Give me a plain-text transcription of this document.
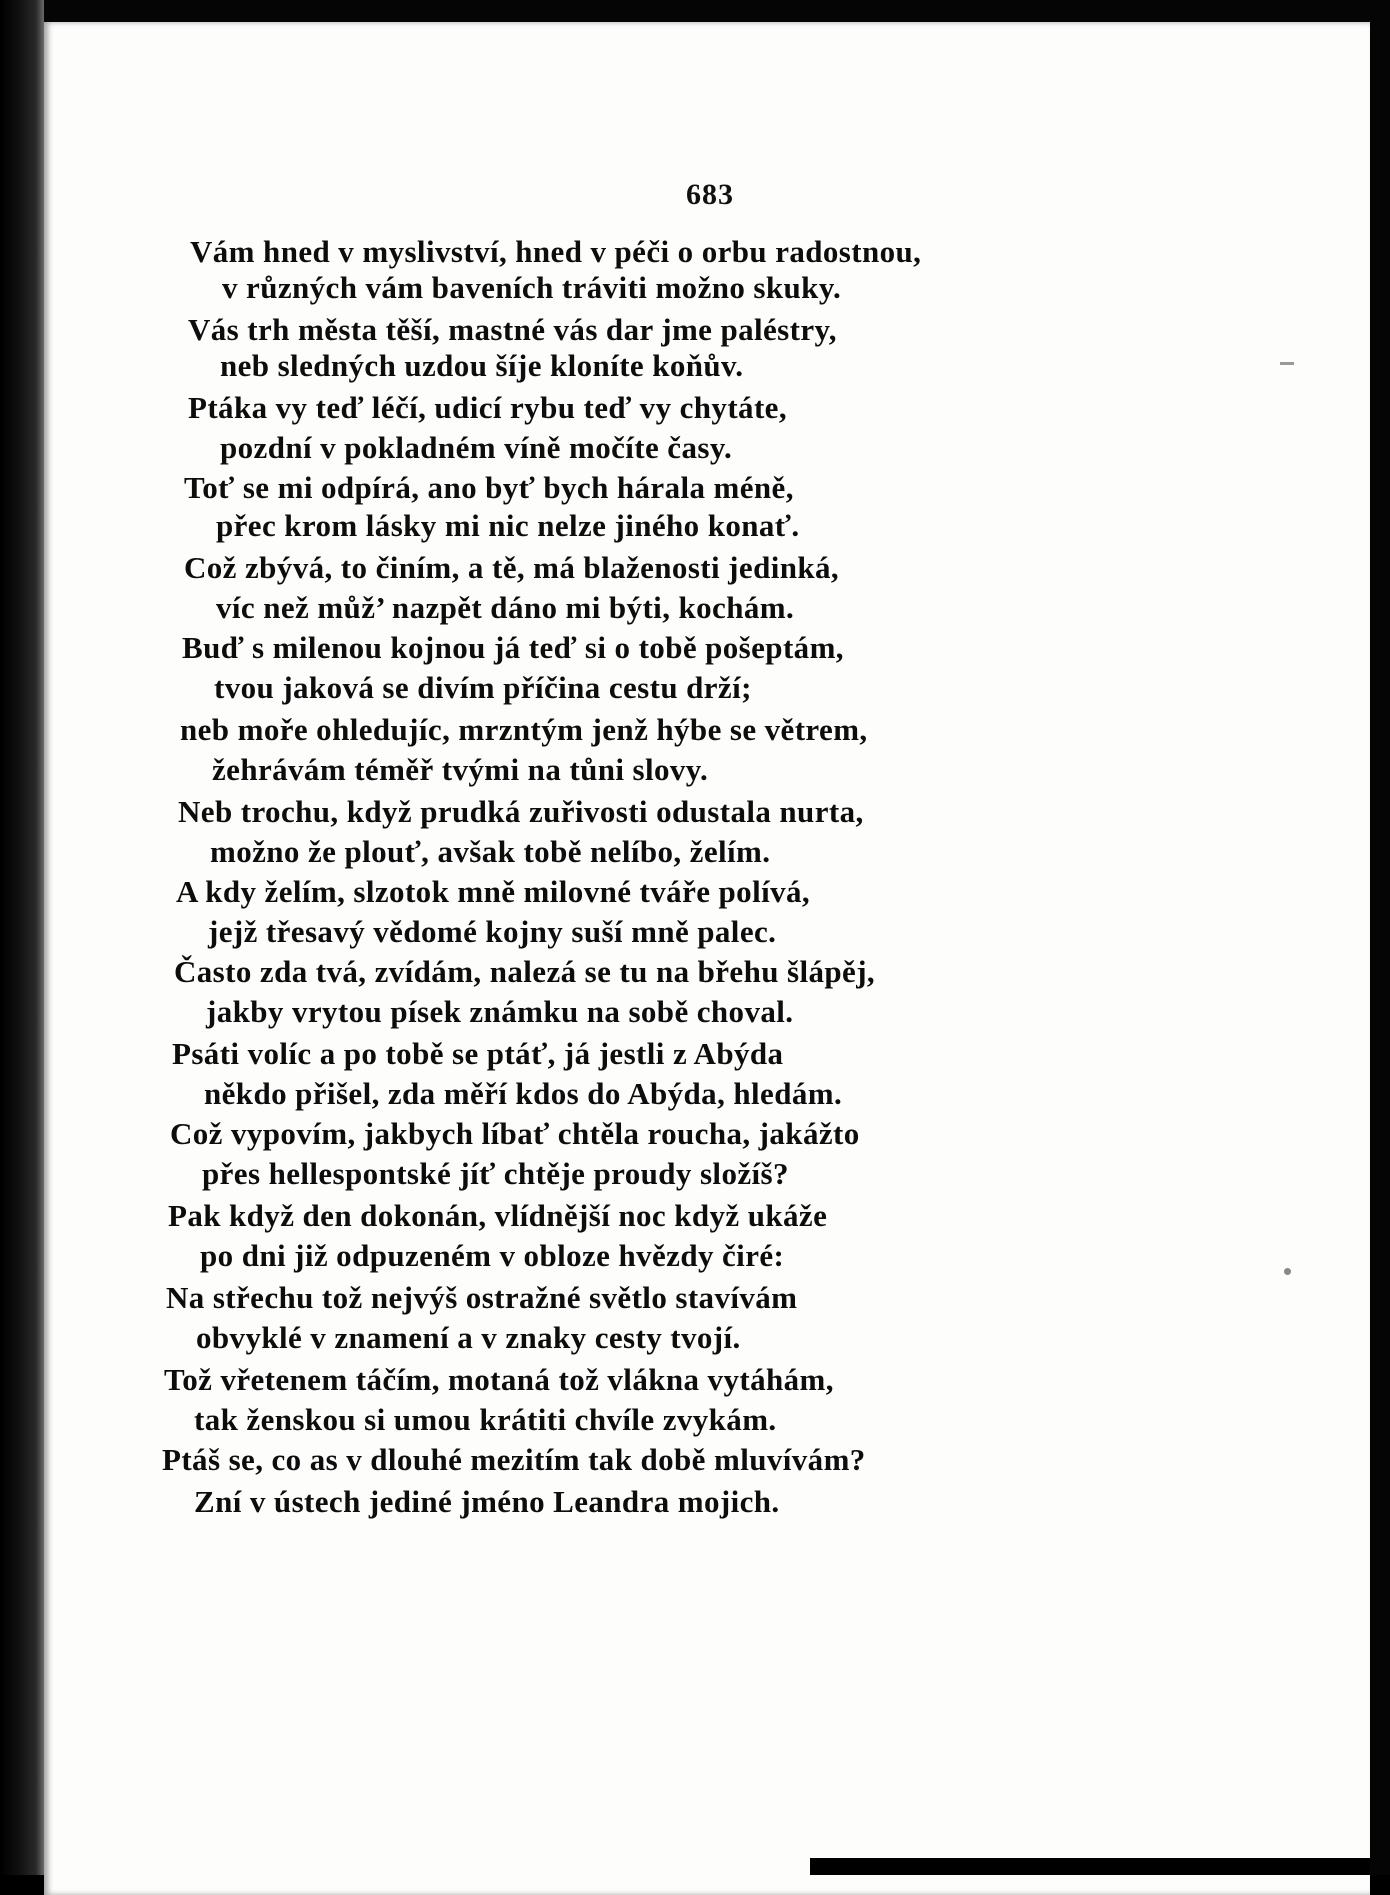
683
Vám hned v myslivství, hned v péči o orbu radostnou,
v různých vám baveních tráviti možno skuky.
Vás trh města těší, mastné vás dar jme paléstry,
neb sledných uzdou šíje kloníte koňův.
Ptáka vy teď léčí, udicí rybu teď vy chytáte,
pozdní v pokladném víně močíte časy.
Toť se mi odpírá, ano byť bych hárala méně,
přec krom lásky mi nic nelze jiného konať.
Což zbývá, to činím, a tě, má blaženosti jedinká,
víc než můž’ nazpět dáno mi býti, kochám.
Buď s milenou kojnou já teď si o tobě pošeptám,
tvou jaková se divím příčina cestu drží;
neb moře ohledujíc, mrzntým jenž hýbe se větrem,
žehrávám téměř tvými na tůni slovy.
Neb trochu, když prudká zuřivosti odustala nurta,
možno že plouť, avšak tobě nelíbo, želím.
A kdy želím, slzotok mně milovné tváře polívá,
jejž třesavý vědomé kojny suší mně palec.
Často zda tvá, zvídám, nalezá se tu na břehu šlápěj,
jakby vrytou písek známku na sobě choval.
Psáti volíc a po tobě se ptáť, já jestli z Abýda
někdo přišel, zda měří kdos do Abýda, hledám.
Což vypovím, jakbych líbať chtěla roucha, jakážto
přes hellespontské jíť chtěje proudy složíš?
Pak když den dokonán, vlídnější noc když ukáže
po dni již odpuzeném v obloze hvězdy čiré:
Na střechu tož nejvýš ostražné světlo stavívám
obvyklé v znamení a v znaky cesty tvojí.
Tož vřetenem táčím, motaná tož vlákna vytáhám,
tak ženskou si umou krátiti chvíle zvykám.
Ptáš se, co as v dlouhé mezitím tak době mluvívám?
Zní v ústech jediné jméno Leandra mojich.
